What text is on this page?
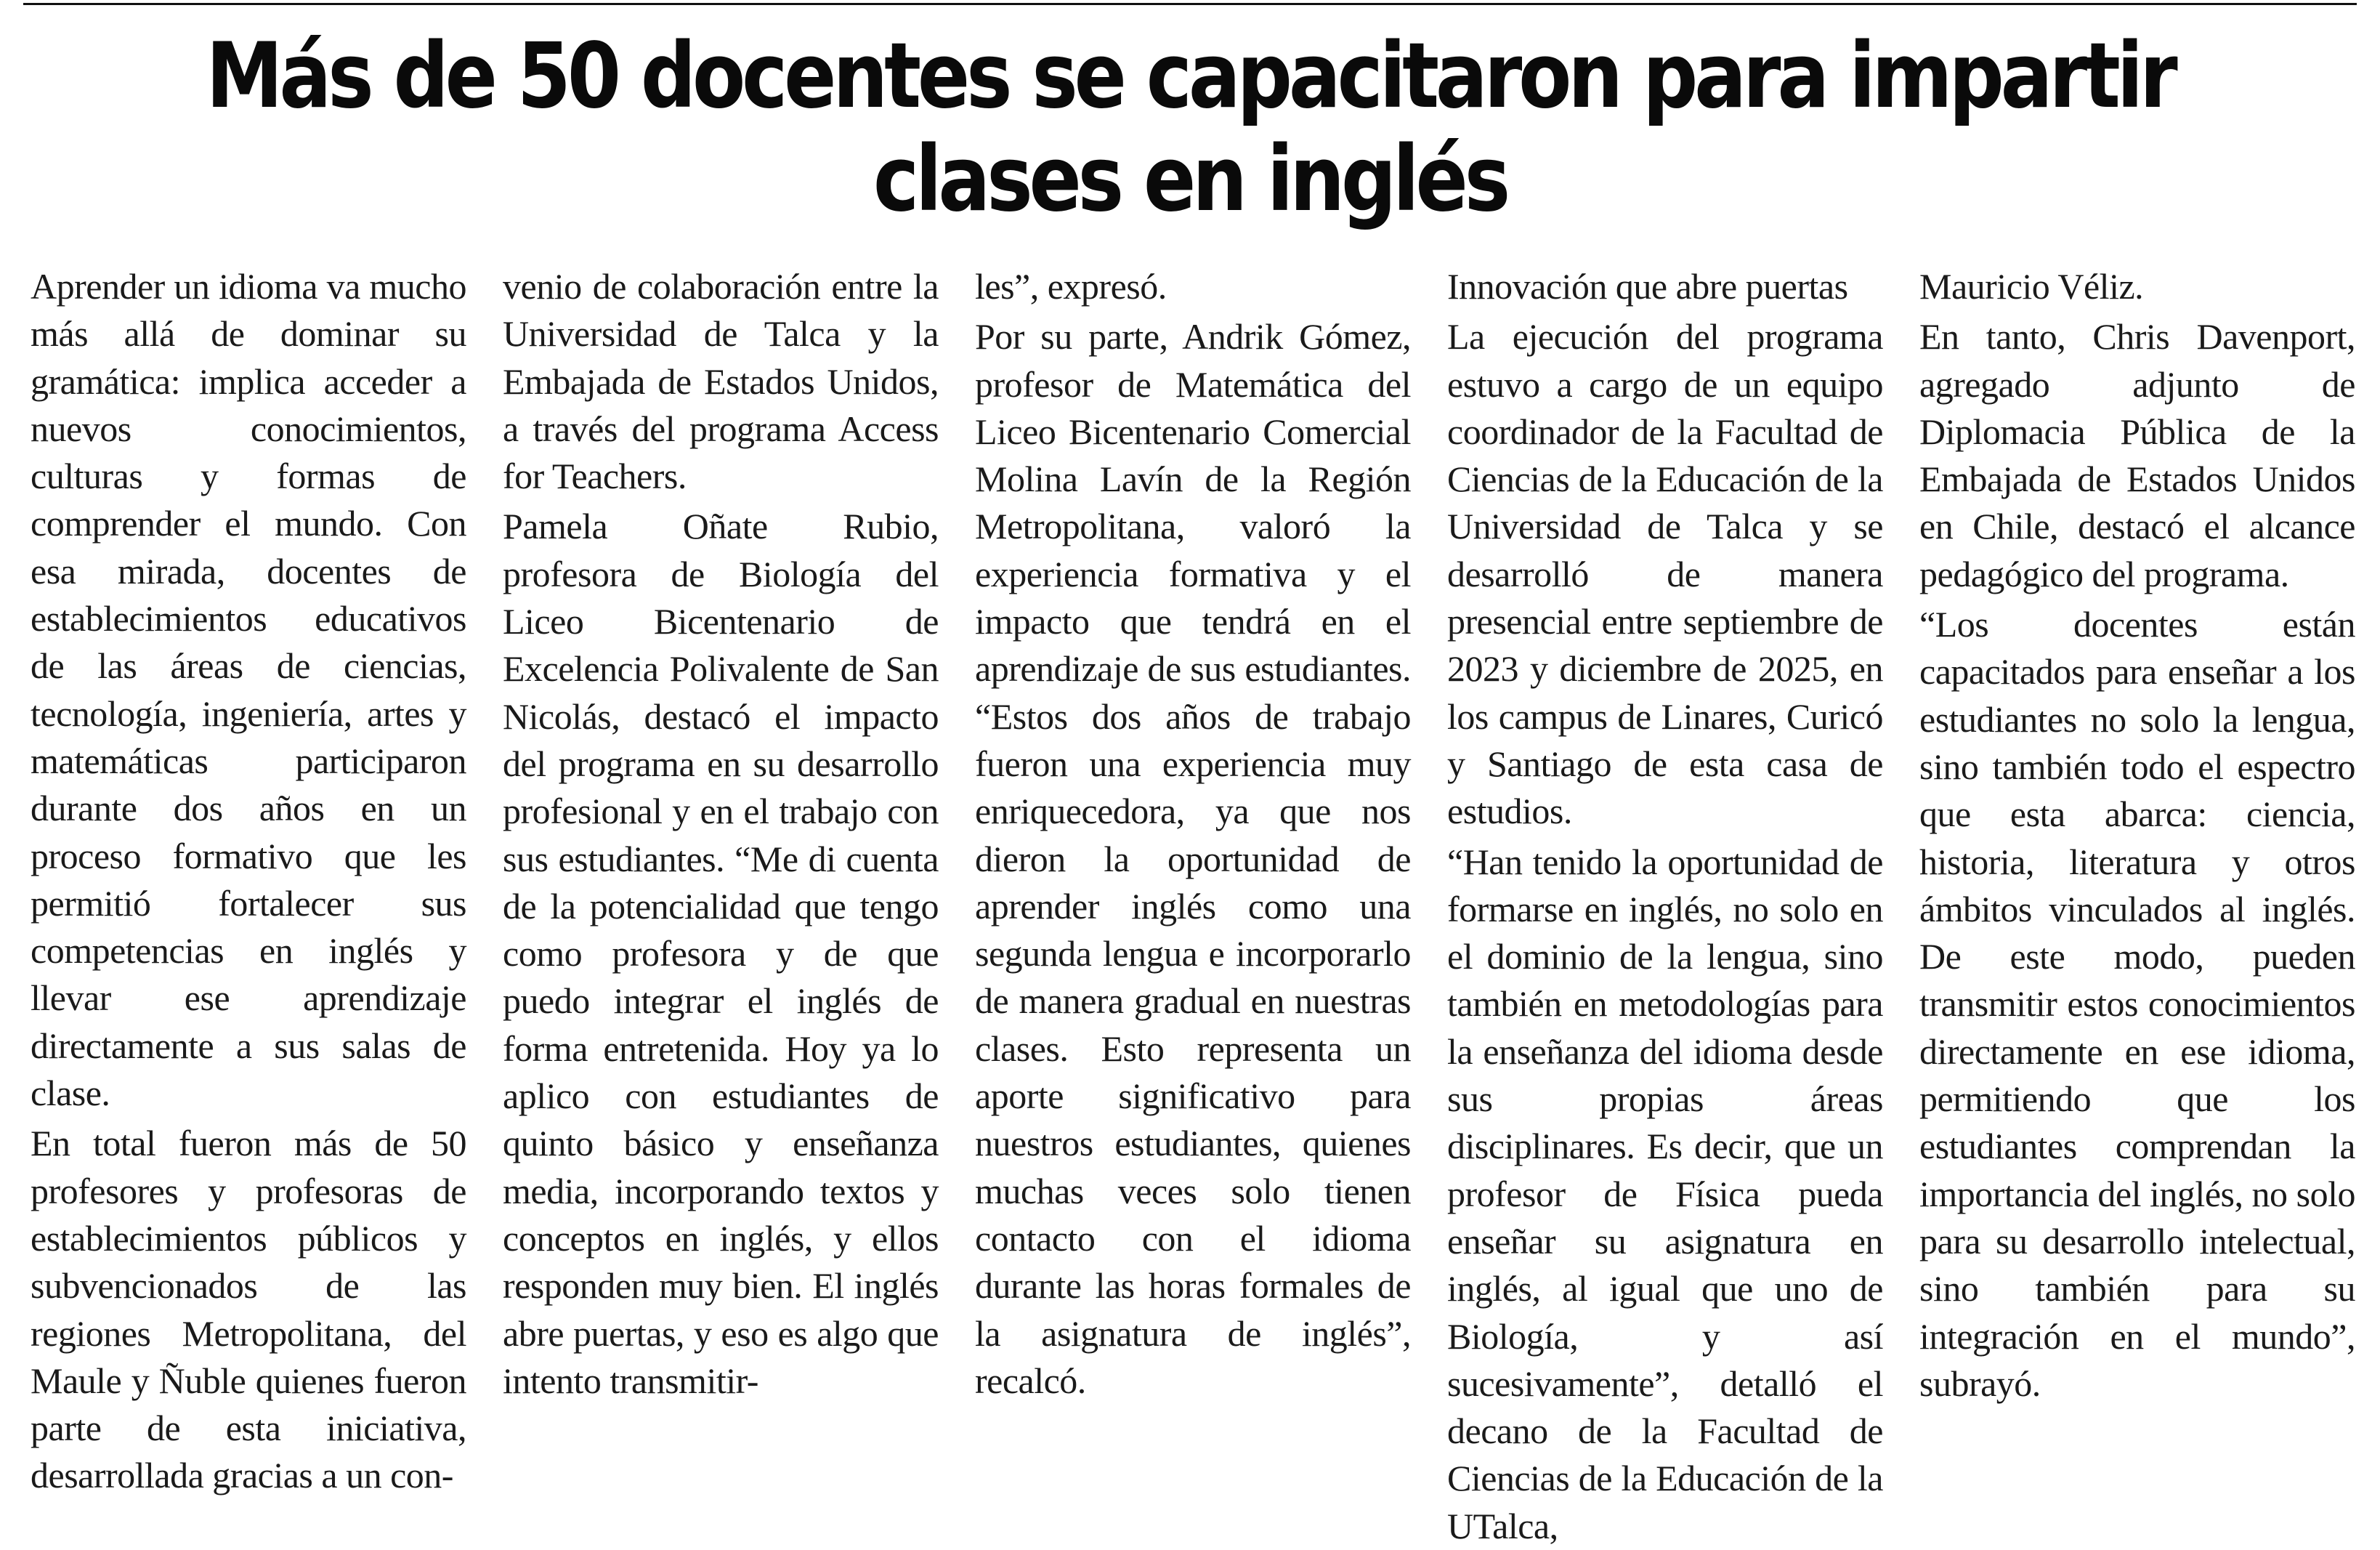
Más de 50 docentes se capacitaron para impartir
clases en inglés

Aprender un idioma va mucho más allá de dominar su gramática: implica acceder a nuevos conocimientos, culturas y formas de comprender el mundo. Con esa mirada, docentes de establecimientos educativos de las áreas de ciencias, tecnología, ingeniería, artes y matemáticas participaron durante dos años en un proceso formativo que les permitió fortalecer sus competencias en inglés y llevar ese aprendizaje directamente a sus salas de clase.

En total fueron más de 50 profesores y profesoras de establecimientos públicos y subvencionados de las regiones Metropolitana, del Maule y Ñuble quienes fueron parte de esta iniciativa, desarrollada gracias a un con-

venio de colaboración entre la Universidad de Talca y la Embajada de Estados Unidos, a través del programa Access for Teachers.

Pamela Oñate Rubio, profesora de Biología del Liceo Bicentenario de Excelencia Polivalente de San Nicolás, destacó el impacto del programa en su desarrollo profesional y en el trabajo con sus estudiantes. “Me di cuenta de la potencialidad que tengo como profesora y de que puedo integrar el inglés de forma entretenida. Hoy ya lo aplico con estudiantes de quinto básico y enseñanza media, incorporando textos y conceptos en inglés, y ellos responden muy bien. El inglés abre puertas, y eso es algo que intento transmitir-

les”, expresó.

Por su parte, Andrik Gómez, profesor de Matemática del Liceo Bicentenario Comercial Molina Lavín de la Región Metropolitana, valoró la experiencia formativa y el impacto que tendrá en el aprendizaje de sus estudiantes. “Estos dos años de trabajo fueron una experiencia muy enriquecedora, ya que nos dieron la oportunidad de aprender inglés como una segunda lengua e incorporarlo de manera gradual en nuestras clases. Esto representa un aporte significativo para nuestros estudiantes, quienes muchas veces solo tienen contacto con el idioma durante las horas formales de la asignatura de inglés”, recalcó.

Innovación que abre puertas

La ejecución del programa estuvo a cargo de un equipo coordinador de la Facultad de Ciencias de la Educación de la Universidad de Talca y se desarrolló de manera presencial entre septiembre de 2023 y diciembre de 2025, en los campus de Linares, Curicó y Santiago de esta casa de estudios.

“Han tenido la oportunidad de formarse en inglés, no solo en el dominio de la lengua, sino también en metodologías para la enseñanza del idioma desde sus propias áreas disciplinares. Es decir, que un profesor de Física pueda enseñar su asignatura en inglés, al igual que uno de Biología, y así sucesivamente”, detalló el decano de la Facultad de Ciencias de la Educación de la UTalca,

Mauricio Véliz.

En tanto, Chris Davenport, agregado adjunto de Diplomacia Pública de la Embajada de Estados Unidos en Chile, destacó el alcance pedagógico del programa.

“Los docentes están capacitados para enseñar a los estudiantes no solo la lengua, sino también todo el espectro que esta abarca: ciencia, historia, literatura y otros ámbitos vinculados al inglés. De este modo, pueden transmitir estos conocimientos directamente en ese idioma, permitiendo que los estudiantes comprendan la importancia del inglés, no solo para su desarrollo intelectual, sino también para su integración en el mundo”, subrayó.
